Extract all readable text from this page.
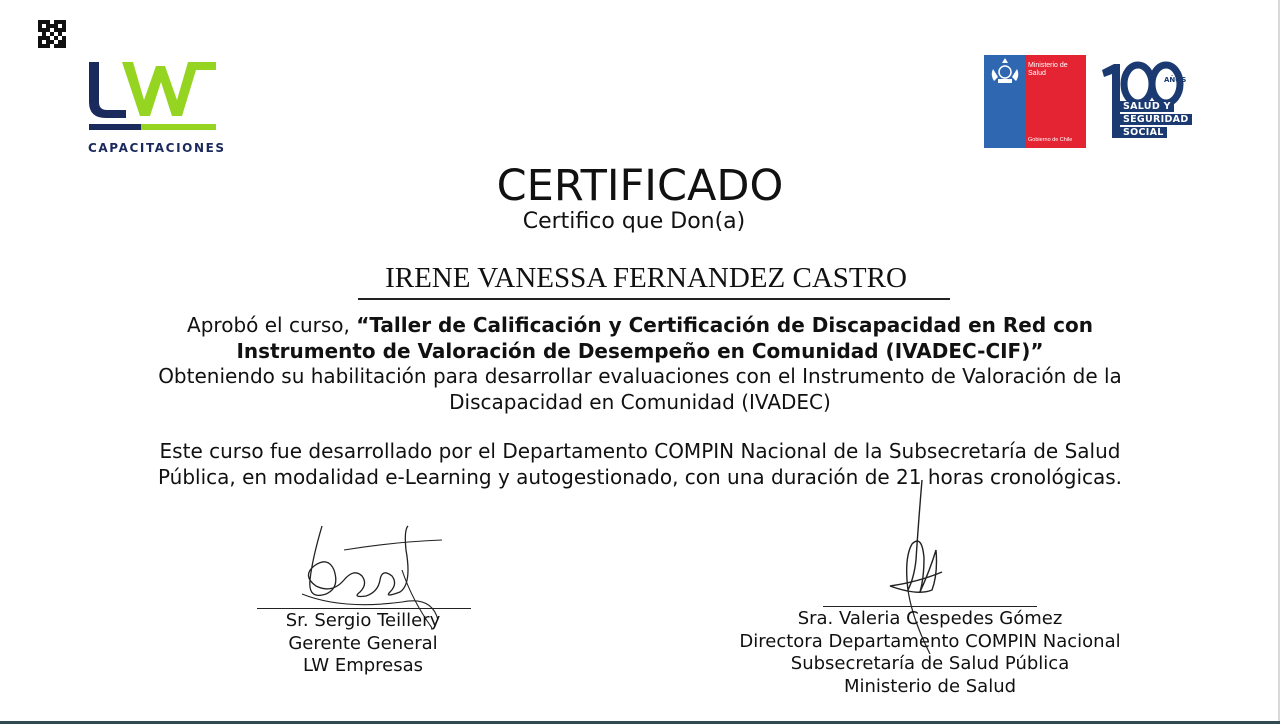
CAPACITACIONES
Ministerio de Salud
Gobierno de Chile
AÑOS
SALUD Y
SEGURIDAD
SOCIAL
CERTIFICADO
Certifico que Don(a)
IRENE VANESSA FERNANDEZ CASTRO
Aprobó el curso, “Taller de Calificación y Certificación de Discapacidad en Red con Instrumento de Valoración de Desempeño en Comunidad (IVADEC-CIF)”
Obteniendo su habilitación para desarrollar evaluaciones con el Instrumento de Valoración de la Discapacidad en Comunidad (IVADEC)
Este curso fue desarrollado por el Departamento COMPIN Nacional de la Subsecretaría de Salud Pública, en modalidad e-Learning y autogestionado, con una duración de 21 horas cronológicas.
Sr. Sergio Teillery
Gerente General
LW Empresas
Sra. Valeria Cespedes Gómez
Directora Departamento COMPIN Nacional
Subsecretaría de Salud Pública
Ministerio de Salud
